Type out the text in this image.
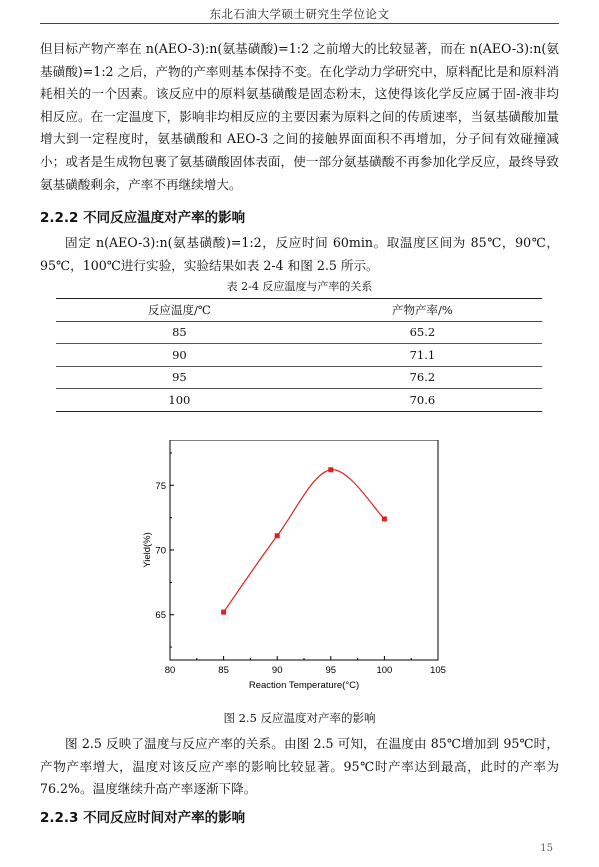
东北石油大学硕士研究生学位论文

但目标产物产率在 n(AEO-3):n(氨基磺酸)=1:2 之前增大的比较显著，而在 n(AEO-3):n(氨基磺酸)=1:2 之后，产物的产率则基本保持不变。在化学动力学研究中，原料配比是和原料消耗相关的一个因素。该反应中的原料氨基磺酸是固态粉末，这使得该化学反应属于固-液非均相反应。在一定温度下，影响非均相反应的主要因素为原料之间的传质速率，当氨基磺酸加量增大到一定程度时，氨基磺酸和 AEO-3 之间的接触界面面积不再增加，分子间有效碰撞减小；或者是生成物包裹了氨基磺酸固体表面，使一部分氨基磺酸不再参加化学反应，最终导致氨基磺酸剩余，产率不再继续增大。

2.2.2 不同反应温度对产率的影响

固定 n(AEO-3):n(氨基磺酸)=1:2，反应时间 60min。取温度区间为 85℃，90℃，95℃，100℃进行实验，实验结果如表 2-4 和图 2.5 所示。

表 2-4 反应温度与产率的关系
反应温度/℃	产物产率/%
85	65.2
90	71.1
95	76.2
100	70.6
80	85	90	95	100	105
65
70
75
Reaction Temperature(°C)
Yield(%)
图 2.5 反应温度对产率的影响

图 2.5 反映了温度与反应产率的关系。由图 2.5 可知，在温度由 85℃增加到 95℃时，产物产率增大，温度对该反应产率的影响比较显著。95℃时产率达到最高，此时的产率为 76.2%。温度继续升高产率逐渐下降。

2.2.3 不同反应时间对产率的影响
15
